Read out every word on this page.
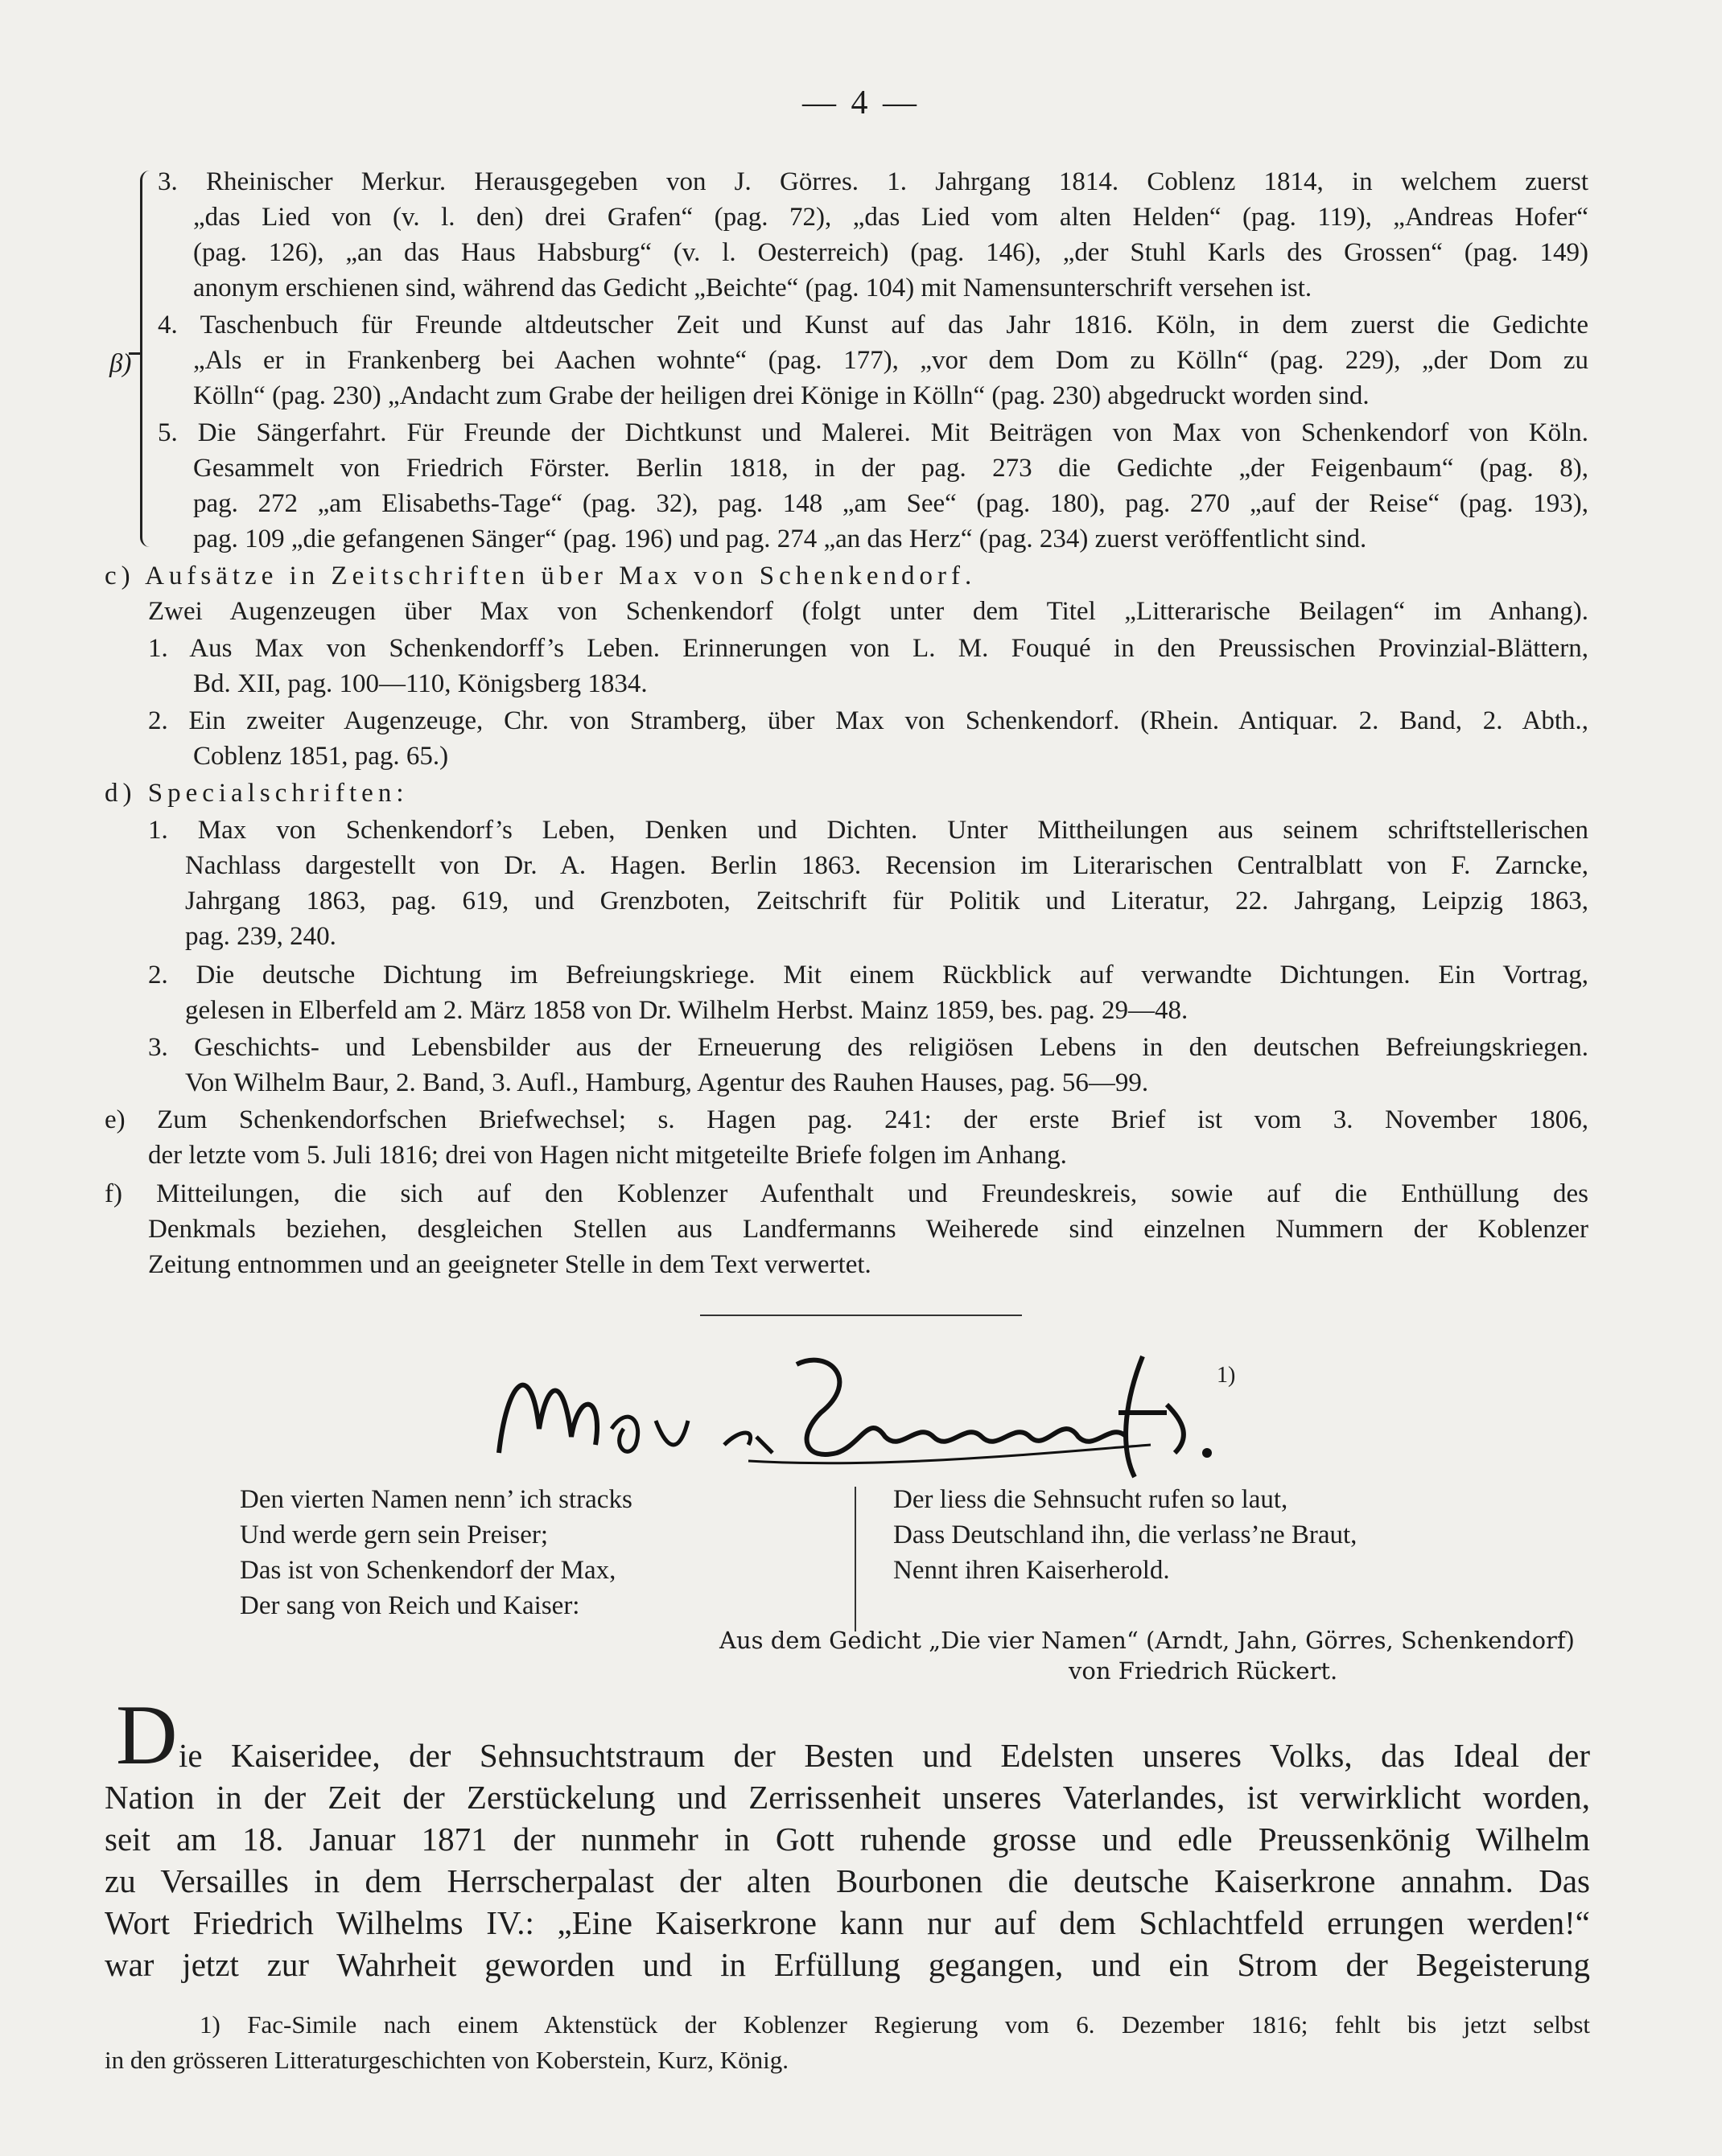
— 4 —
β)
3. Rheinischer Merkur. Herausgegeben von J. Görres. 1. Jahrgang 1814. Coblenz 1814, in welchem zuerst
„das Lied von (v. l. den) drei Grafen“ (pag. 72), „das Lied vom alten Helden“ (pag. 119), „Andreas Hofer“
(pag. 126), „an das Haus Habsburg“ (v. l. Oesterreich) (pag. 146), „der Stuhl Karls des Grossen“ (pag. 149)
anonym erschienen sind, während das Gedicht „Beichte“ (pag. 104) mit Namensunterschrift versehen ist.
4. Taschenbuch für Freunde altdeutscher Zeit und Kunst auf das Jahr 1816. Köln, in dem zuerst die Gedichte
„Als er in Frankenberg bei Aachen wohnte“ (pag. 177), „vor dem Dom zu Kölln“ (pag. 229), „der Dom zu
Kölln“ (pag. 230) „Andacht zum Grabe der heiligen drei Könige in Kölln“ (pag. 230) abgedruckt worden sind.
5. Die Sängerfahrt. Für Freunde der Dichtkunst und Malerei. Mit Beiträgen von Max von Schenkendorf von Köln.
Gesammelt von Friedrich Förster. Berlin 1818, in der pag. 273 die Gedichte „der Feigenbaum“ (pag. 8),
pag. 272 „am Elisabeths-Tage“ (pag. 32), pag. 148 „am See“ (pag. 180), pag. 270 „auf der Reise“ (pag. 193),
pag. 109 „die gefangenen Sänger“ (pag. 196) und pag. 274 „an das Herz“ (pag. 234) zuerst veröffentlicht sind.
c) Aufsätze in Zeitschriften über Max von Schenkendorf.
Zwei Augenzeugen über Max von Schenkendorf (folgt unter dem Titel „Litterarische Beilagen“ im Anhang).
1. Aus Max von Schenkendorff’s Leben. Erinnerungen von L. M. Fouqué in den Preussischen Provinzial-Blättern,
Bd. XII, pag. 100—110, Königsberg 1834.
2. Ein zweiter Augenzeuge, Chr. von Stramberg, über Max von Schenkendorf. (Rhein. Antiquar. 2. Band, 2. Abth.,
Coblenz 1851, pag. 65.)
d) Specialschriften:
1. Max von Schenkendorf’s Leben, Denken und Dichten. Unter Mittheilungen aus seinem schriftstellerischen
Nachlass dargestellt von Dr. A. Hagen. Berlin 1863. Recension im Literarischen Centralblatt von F. Zarncke,
Jahrgang 1863, pag. 619, und Grenzboten, Zeitschrift für Politik und Literatur, 22. Jahrgang, Leipzig 1863,
pag. 239, 240.
2. Die deutsche Dichtung im Befreiungskriege. Mit einem Rückblick auf verwandte Dichtungen. Ein Vortrag,
gelesen in Elberfeld am 2. März 1858 von Dr. Wilhelm Herbst. Mainz 1859, bes. pag. 29—48.
3. Geschichts- und Lebensbilder aus der Erneuerung des religiösen Lebens in den deutschen Befreiungskriegen.
Von Wilhelm Baur, 2. Band, 3. Aufl., Hamburg, Agentur des Rauhen Hauses, pag. 56—99.
e) Zum Schenkendorfschen Briefwechsel; s. Hagen pag. 241: der erste Brief ist vom 3. November 1806,
der letzte vom 5. Juli 1816; drei von Hagen nicht mitgeteilte Briefe folgen im Anhang.
f) Mitteilungen, die sich auf den Koblenzer Aufenthalt und Freundeskreis, sowie auf die Enthüllung des
Denkmals beziehen, desgleichen Stellen aus Landfermanns Weiherede sind einzelnen Nummern der Koblenzer
Zeitung entnommen und an geeigneter Stelle in dem Text verwertet.
1)
Den vierten Namen nenn’ ich stracks
Und werde gern sein Preiser;
Das ist von Schenkendorf der Max,
Der sang von Reich und Kaiser:
Der liess die Sehnsucht rufen so laut,
Dass Deutschland ihn, die verlass’ne Braut,
Nennt ihren Kaiserherold.
Aus dem Gedicht „Die vier Namen“ (Arndt, Jahn, Görres, Schenkendorf)
von Friedrich Rückert.
D ie Kaiseridee, der Sehnsuchtstraum der Besten und Edelsten unseres Volks, das Ideal der
Nation in der Zeit der Zerstückelung und Zerrissenheit unseres Vaterlandes, ist verwirklicht worden,
seit am 18. Januar 1871 der nunmehr in Gott ruhende grosse und edle Preussenkönig Wilhelm
zu Versailles in dem Herrscherpalast der alten Bourbonen die deutsche Kaiserkrone annahm. Das
Wort Friedrich Wilhelms IV.: „Eine Kaiserkrone kann nur auf dem Schlachtfeld errungen werden!“
war jetzt zur Wahrheit geworden und in Erfüllung gegangen, und ein Strom der Begeisterung
1) Fac-Simile nach einem Aktenstück der Koblenzer Regierung vom 6. Dezember 1816; fehlt bis jetzt selbst
in den grösseren Litteraturgeschichten von Koberstein, Kurz, König.
